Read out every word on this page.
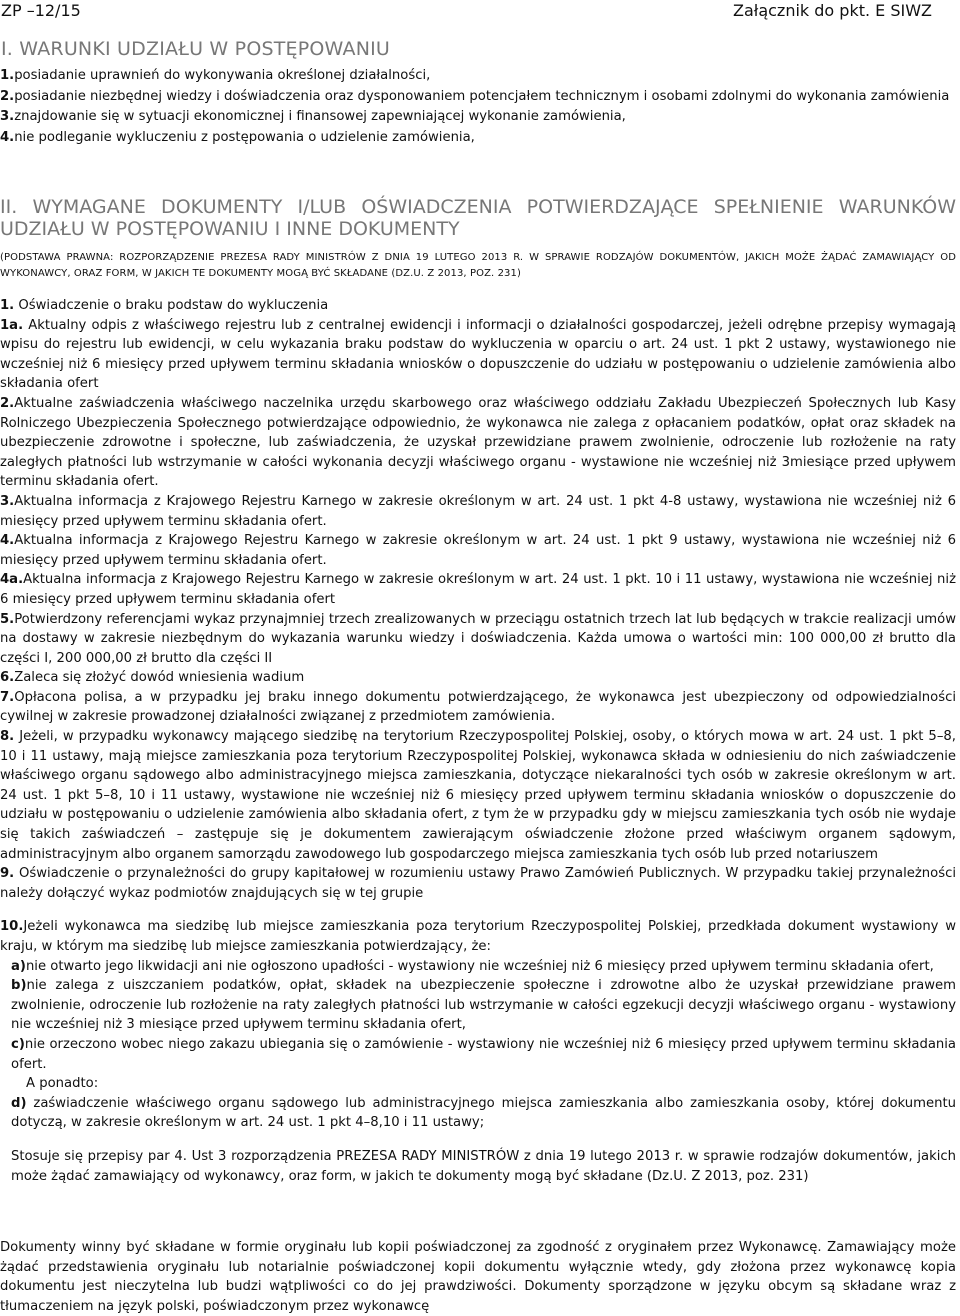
ZP –12/15	Załącznik do pkt. E SIWZ
I. WARUNKI UDZIAŁU W POSTĘPOWANIU
1.posiadanie uprawnień do wykonywania określonej działalności,
2.posiadanie niezbędnej wiedzy i doświadczenia oraz dysponowaniem potencjałem technicznym i osobami zdolnymi do wykonania zamówienia
3.znajdowanie się w sytuacji ekonomicznej i finansowej zapewniającej wykonanie zamówienia,
4.nie podleganie wykluczeniu z postępowania o udzielenie zamówienia,
II. WYMAGANE DOKUMENTY I/LUB OŚWIADCZENIA POTWIERDZAJĄCE SPEŁNIENIE WARUNKÓW UDZIAŁU W POSTĘPOWANIU I INNE DOKUMENTY
(PODSTAWA PRAWNA: ROZPORZĄDZENIE PREZESA RADY MINISTRÓW Z DNIA 19 LUTEGO 2013 R. W SPRAWIE RODZAJÓW DOKUMENTÓW, JAKICH MOŻE ŻĄDAĆ ZAMAWIAJĄCY OD WYKONAWCY, ORAZ FORM, W JAKICH TE DOKUMENTY MOGĄ BYĆ SKŁADANE (DZ.U. Z 2013, POZ. 231)

1. Oświadczenie o braku podstaw do wykluczenia

1a. Aktualny odpis z właściwego rejestru lub z centralnej ewidencji i informacji o działalności gospodarczej, jeżeli odrębne przepisy wymagają wpisu do rejestru lub ewidencji, w celu wykazania braku podstaw do wykluczenia w oparciu o art. 24 ust. 1 pkt 2 ustawy, wystawionego nie wcześniej niż 6 miesięcy przed upływem terminu składania wniosków o dopuszczenie do udziału w postępowaniu o udzielenie zamówienia albo składania ofert

2.Aktualne zaświadczenia właściwego naczelnika urzędu skarbowego oraz właściwego oddziału Zakładu Ubezpieczeń Społecznych lub Kasy Rolniczego Ubezpieczenia Społecznego potwierdzające odpowiednio, że wykonawca nie zalega z opłacaniem podatków, opłat oraz składek na ubezpieczenie zdrowotne i społeczne, lub zaświadczenia, że uzyskał przewidziane prawem zwolnienie, odroczenie lub rozłożenie na raty zaległych płatności lub wstrzymanie w całości wykonania decyzji właściwego organu - wystawione nie wcześniej niż 3miesiące przed upływem terminu składania ofert.

3.Aktualna informacja z Krajowego Rejestru Karnego w zakresie określonym w art. 24 ust. 1 pkt 4-8 ustawy, wystawiona nie wcześniej niż 6 miesięcy przed upływem terminu składania ofert.

4.Aktualna informacja z Krajowego Rejestru Karnego w zakresie określonym w art. 24 ust. 1 pkt 9 ustawy, wystawiona nie wcześniej niż 6 miesięcy przed upływem terminu składania ofert.

4a.Aktualna informacja z Krajowego Rejestru Karnego w zakresie określonym w art. 24 ust. 1 pkt. 10 i 11 ustawy, wystawiona nie wcześniej niż 6 miesięcy przed upływem terminu składania ofert

5.Potwierdzony referencjami wykaz przynajmniej trzech zrealizowanych w przeciągu ostatnich trzech lat lub będących w trakcie realizacji umów na dostawy w zakresie niezbędnym do wykazania warunku wiedzy i doświadczenia. Każda umowa o wartości min: 100 000,00 zł brutto dla części I, 200 000,00 zł brutto dla części II

6.Zaleca się złożyć dowód wniesienia wadium

7.Opłacona polisa, a w przypadku jej braku innego dokumentu potwierdzającego, że wykonawca jest ubezpieczony od odpowiedzialności cywilnej w zakresie prowadzonej działalności związanej z przedmiotem zamówienia.

8. Jeżeli, w przypadku wykonawcy mającego siedzibę na terytorium Rzeczypospolitej Polskiej, osoby, o których mowa w art. 24 ust. 1 pkt 5–8, 10 i 11 ustawy, mają miejsce zamieszkania poza terytorium Rzeczypospolitej Polskiej, wykonawca składa w odniesieniu do nich zaświadczenie właściwego organu sądowego albo administracyjnego miejsca zamieszkania, dotyczące niekaralności tych osób w zakresie określonym w art. 24 ust. 1 pkt 5–8, 10 i 11 ustawy, wystawione nie wcześniej niż 6 miesięcy przed upływem terminu składania wniosków o dopuszczenie do udziału w postępowaniu o udzielenie zamówienia albo składania ofert, z tym że w przypadku gdy w miejscu zamieszkania tych osób nie wydaje się takich zaświadczeń – zastępuje się je dokumentem zawierającym oświadczenie złożone przed właściwym organem sądowym, administracyjnym albo organem samorządu zawodowego lub gospodarczego miejsca zamieszkania tych osób lub przed notariuszem

9. Oświadczenie o przynależności do grupy kapitałowej w rozumieniu ustawy Prawo Zamówień Publicznych. W przypadku takiej przynależności należy dołączyć wykaz podmiotów znajdujących się w tej grupie

10.Jeżeli wykonawca ma siedzibę lub miejsce zamieszkania poza terytorium Rzeczypospolitej Polskiej, przedkłada dokument wystawiony w kraju, w którym ma siedzibę lub miejsce zamieszkania potwierdzający, że:

a)nie otwarto jego likwidacji ani nie ogłoszono upadłości - wystawiony nie wcześniej niż 6 miesięcy przed upływem terminu składania ofert,

b)nie zalega z uiszczaniem podatków, opłat, składek na ubezpieczenie społeczne i zdrowotne albo że uzyskał przewidziane prawem zwolnienie, odroczenie lub rozłożenie na raty zaległych płatności lub wstrzymanie w całości egzekucji decyzji właściwego organu - wystawiony nie wcześniej niż 3 miesiące przed upływem terminu składania ofert,

c)nie orzeczono wobec niego zakazu ubiegania się o zamówienie - wystawiony nie wcześniej niż 6 miesięcy przed upływem terminu składania ofert.

A ponadto:

d) zaświadczenie właściwego organu sądowego lub administracyjnego miejsca zamieszkania albo zamieszkania osoby, której dokumentu dotyczą, w zakresie określonym w art. 24 ust. 1 pkt 4–8,10 i 11 ustawy;

Stosuje się przepisy par 4. Ust 3 rozporządzenia PREZESA RADY MINISTRÓW z dnia 19 lutego 2013 r. w sprawie rodzajów dokumentów, jakich może żądać zamawiający od wykonawcy, oraz form, w jakich te dokumenty mogą być składane (Dz.U. Z 2013, poz. 231)

Dokumenty winny być składane w formie oryginału lub kopii poświadczonej za zgodność z oryginałem przez Wykonawcę. Zamawiający może żądać przedstawienia oryginału lub notarialnie poświadczonej kopii dokumentu wyłącznie wtedy, gdy złożona przez wykonawcę kopia dokumentu jest nieczytelna lub budzi wątpliwości co do jej prawdziwości. Dokumenty sporządzone w języku obcym są składane wraz z tłumaczeniem na język polski, poświadczonym przez wykonawcę
